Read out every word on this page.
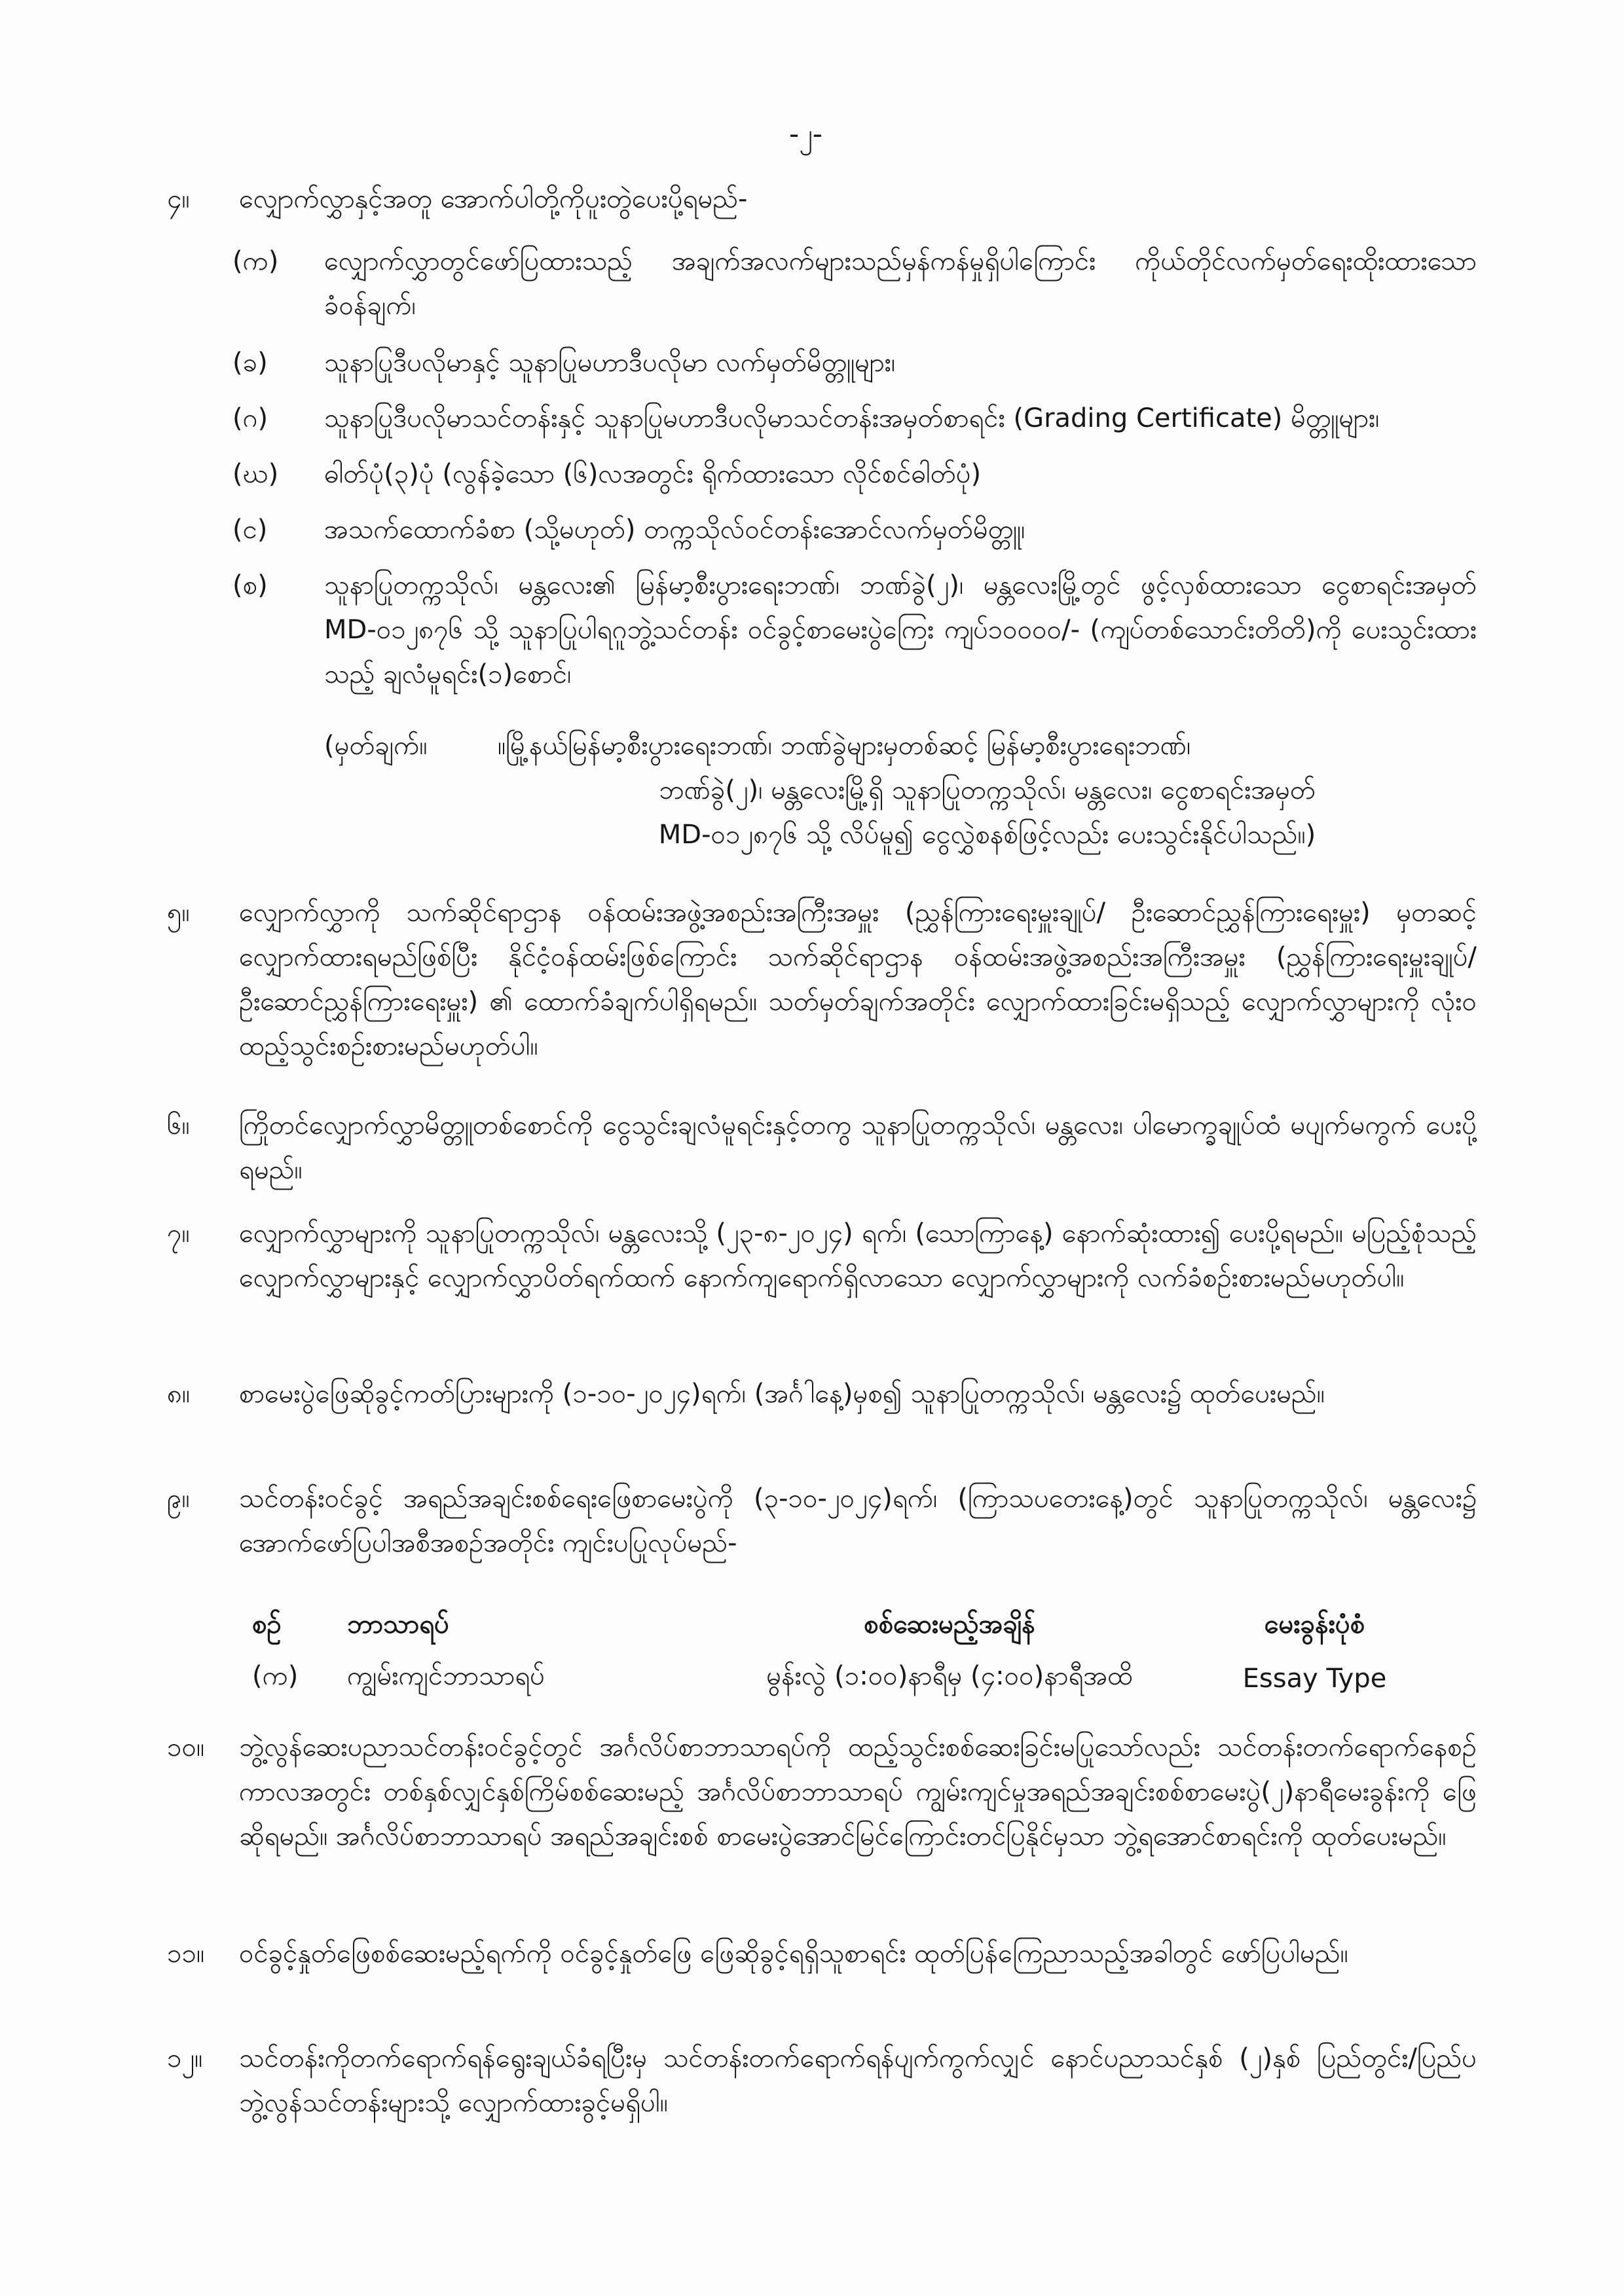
-၂-
၄။ လျှောက်လွှာနှင့်အတူ အောက်ပါတို့ကိုပူးတွဲပေးပို့ရမည်-
(က) လျှောက်လွှာတွင်ဖော်ပြထားသည့် အချက်အလက်များသည်မှန်ကန်မှုရှိပါကြောင်း ကိုယ်တိုင်လက်မှတ်ရေးထိုးထားသော ခံဝန်ချက်၊
(ခ) သူနာပြုဒီပလိုမာနှင့် သူနာပြုမဟာဒီပလိုမာ လက်မှတ်မိတ္တူများ၊
(ဂ) သူနာပြုဒီပလိုမာသင်တန်းနှင့် သူနာပြုမဟာဒီပလိုမာသင်တန်းအမှတ်စာရင်း (Grading Certificate) မိတ္တူများ၊
(ဃ) ဓါတ်ပုံ(၃)ပုံ (လွန်ခဲ့သော (၆)လအတွင်း ရိုက်ထားသော လိုင်စင်ဓါတ်ပုံ)
(င) အသက်ထောက်ခံစာ (သို့မဟုတ်) တက္ကသိုလ်ဝင်တန်းအောင်လက်မှတ်မိတ္တူ၊
(စ) သူနာပြုတက္ကသိုလ်၊ မန္တလေး၏ မြန်မာ့စီးပွားရေးဘဏ်၊ ဘဏ်ခွဲ(၂)၊ မန္တလေးမြို့တွင် ဖွင့်လှစ်ထားသော ငွေစာရင်းအမှတ် MD-၀၁၂၈၇၆ သို့ သူနာပြုပါရဂူဘွဲ့သင်တန်း ဝင်ခွင့်စာမေးပွဲကြေး ကျပ်၁၀၀၀၀/- (ကျပ်တစ်သောင်းတိတိ)ကို ပေးသွင်းထားသည့် ချလံမူရင်း(၁)စောင်၊
(မှတ်ချက်။	။မြို့နယ်မြန်မာ့စီးပွားရေးဘဏ်၊ ဘဏ်ခွဲများမှတစ်ဆင့် မြန်မာ့စီးပွားရေးဘဏ်၊
ဘဏ်ခွဲ(၂)၊ မန္တလေးမြို့ရှိ သူနာပြုတက္ကသိုလ်၊ မန္တလေး၊ ငွေစာရင်းအမှတ်
MD-၀၁၂၈၇၆ သို့ လိပ်မူ၍ ငွေလွှဲစနစ်ဖြင့်လည်း ပေးသွင်းနိုင်ပါသည်။)
၅။ လျှောက်လွှာကို သက်ဆိုင်ရာဌာန ဝန်ထမ်းအဖွဲ့အစည်းအကြီးအမှူး (ညွှန်ကြားရေးမှူးချုပ်/ ဦးဆောင်ညွှန်ကြားရေးမှူး) မှတဆင့် လျှောက်ထားရမည်ဖြစ်ပြီး နိုင်ငံ့ဝန်ထမ်းဖြစ်ကြောင်း သက်ဆိုင်ရာဌာန ဝန်ထမ်းအဖွဲ့အစည်းအကြီးအမှူး (ညွှန်ကြားရေးမှူးချုပ်/ ဦးဆောင်ညွှန်ကြားရေးမှူး) ၏ ထောက်ခံချက်ပါရှိရမည်။ သတ်မှတ်ချက်အတိုင်း လျှောက်ထားခြင်းမရှိသည့် လျှောက်လွှာများကို လုံးဝထည့်သွင်းစဉ်းစားမည်မဟုတ်ပါ။
၆။ ကြိုတင်လျှောက်လွှာမိတ္တူတစ်စောင်ကို ငွေသွင်းချလံမူရင်းနှင့်တကွ သူနာပြုတက္ကသိုလ်၊ မန္တလေး၊ ပါမောက္ခချုပ်ထံ မပျက်မကွက် ပေးပို့ရမည်။
၇။ လျှောက်လွှာများကို သူနာပြုတက္ကသိုလ်၊ မန္တလေးသို့ (၂၃-၈-၂၀၂၄) ရက်၊ (သောကြာနေ့) နောက်ဆုံးထား၍ ပေးပို့ရမည်။ မပြည့်စုံသည့်လျှောက်လွှာများနှင့် လျှောက်လွှာပိတ်ရက်ထက် နောက်ကျရောက်ရှိလာသော လျှောက်လွှာများကို လက်ခံစဉ်းစားမည်မဟုတ်ပါ။
၈။ စာမေးပွဲဖြေဆိုခွင့်ကတ်ပြားများကို (၁-၁၀-၂၀၂၄)ရက်၊ (အင်္ဂါနေ့)မှစ၍ သူနာပြုတက္ကသိုလ်၊ မန္တလေး၌ ထုတ်ပေးမည်။
၉။ သင်တန်းဝင်ခွင့် အရည်အချင်းစစ်ရေးဖြေစာမေးပွဲကို (၃-၁၀-၂၀၂၄)ရက်၊ (ကြာသပတေးနေ့)တွင် သူနာပြုတက္ကသိုလ်၊ မန္တလေး၌ အောက်ဖော်ပြပါအစီအစဉ်အတိုင်း ကျင်းပပြုလုပ်မည်-
စဉ်	ဘာသာရပ်	စစ်ဆေးမည့်အချိန်	မေးခွန်းပုံစံ
(က)	ကျွမ်းကျင်ဘာသာရပ်	မွန်းလွဲ (၁:၀၀)နာရီမှ (၄:၀၀)နာရီအထိ	Essay Type
၁၀။ ဘွဲ့လွန်ဆေးပညာသင်တန်းဝင်ခွင့်တွင် အင်္ဂလိပ်စာဘာသာရပ်ကို ထည့်သွင်းစစ်ဆေးခြင်းမပြုသော်လည်း သင်တန်းတက်ရောက်နေစဉ်ကာလအတွင်း တစ်နှစ်လျှင်နှစ်ကြိမ်စစ်ဆေးမည့် အင်္ဂလိပ်စာဘာသာရပ် ကျွမ်းကျင်မှုအရည်အချင်းစစ်စာမေးပွဲ(၂)နာရီမေးခွန်းကို ဖြေဆိုရမည်။ အင်္ဂလိပ်စာဘာသာရပ် အရည်အချင်းစစ် စာမေးပွဲအောင်မြင်ကြောင်းတင်ပြနိုင်မှသာ ဘွဲ့ရအောင်စာရင်းကို ထုတ်ပေးမည်။
၁၁။ ဝင်ခွင့်နှုတ်ဖြေစစ်ဆေးမည့်ရက်ကို ဝင်ခွင့်နှုတ်ဖြေ ဖြေဆိုခွင့်ရရှိသူစာရင်း ထုတ်ပြန်ကြေညာသည့်အခါတွင် ဖော်ပြပါမည်။
၁၂။ သင်တန်းကိုတက်ရောက်ရန်ရွေးချယ်ခံရပြီးမှ သင်တန်းတက်ရောက်ရန်ပျက်ကွက်လျှင် နောင်ပညာသင်နှစ် (၂)နှစ် ပြည်တွင်း/ပြည်ပ ဘွဲ့လွန်သင်တန်းများသို့ လျှောက်ထားခွင့်မရှိပါ။
